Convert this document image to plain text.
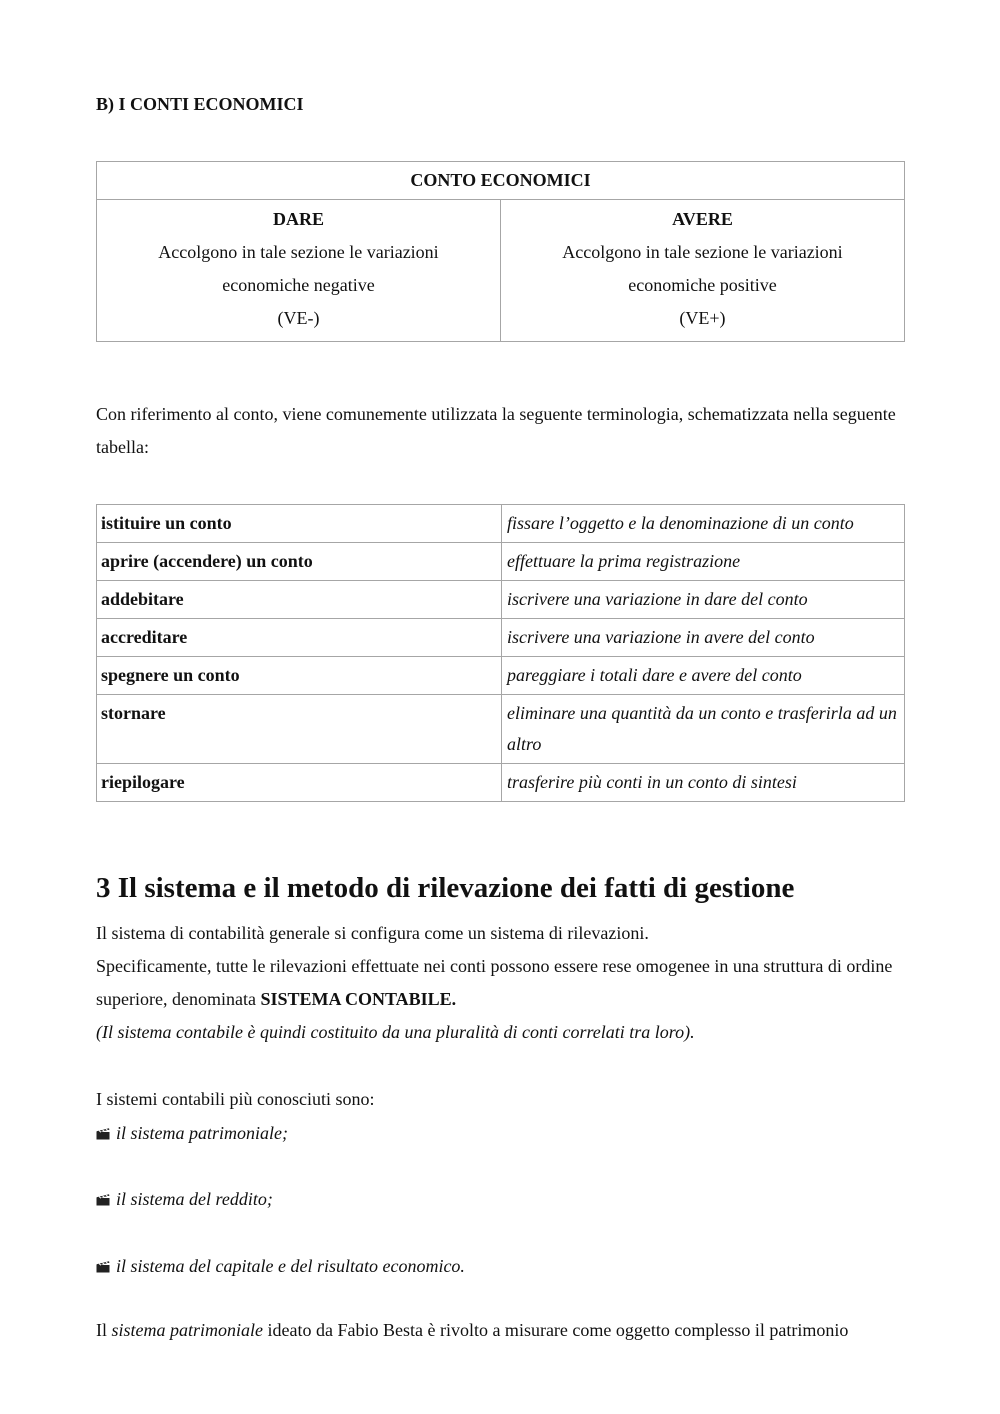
B) I CONTI ECONOMICI

CONTO ECONOMICI

DARE
Accolgono in tale sezione le variazioni
economiche negative
(VE-)

AVERE
Accolgono in tale sezione le variazioni
economiche positive
(VE+)

Con riferimento al conto, viene comunemente utilizzata la seguente terminologia, schematizzata nella seguente tabella:

istituire un conto	fissare l’oggetto e la denominazione di un conto
aprire (accendere) un conto	effettuare la prima registrazione
addebitare	iscrivere una variazione in dare del conto
accreditare	iscrivere una variazione in avere del conto
spegnere un conto	pareggiare i totali dare e avere del conto
stornare	eliminare una quantità da un conto e trasferirla ad un altro
riepilogare	trasferire più conti in un conto di sintesi
3 Il sistema e il metodo di rilevazione dei fatti di gestione

Il sistema di contabilità generale si configura come un sistema di rilevazioni.

Specificamente, tutte le rilevazioni effettuate nei conti possono essere rese omogenee in una struttura di ordine superiore, denominata SISTEMA CONTABILE.

(Il sistema contabile è quindi costituito da una pluralità di conti correlati tra loro).

I sistemi contabili più conosciuti sono:

il sistema patrimoniale;

il sistema del reddito;

il sistema del capitale e del risultato economico.

Il sistema patrimoniale ideato da Fabio Besta è rivolto a misurare come oggetto complesso il patrimonio
